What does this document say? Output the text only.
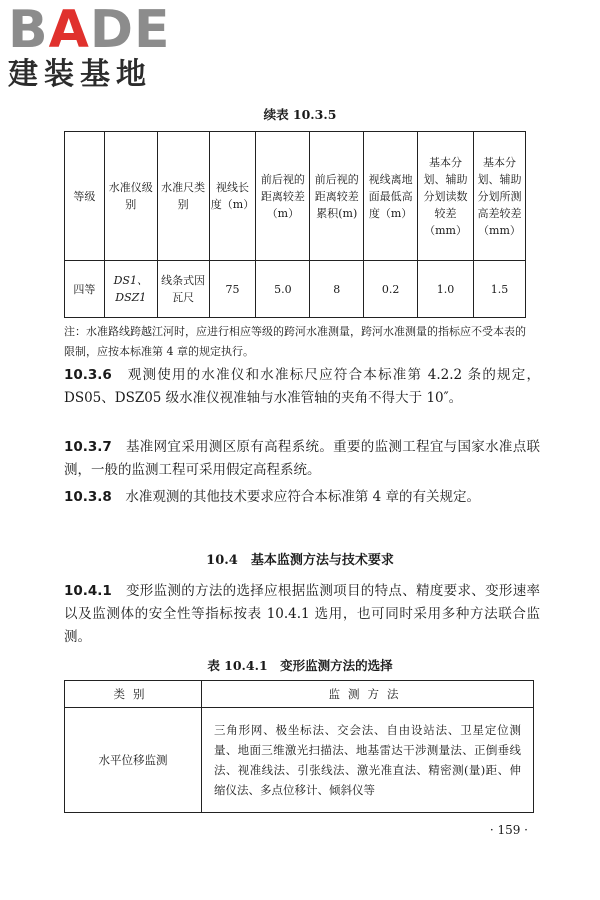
BADE
建装基地
续表 10.3.5
等级	水准仪级别	水准尺类别	视线长度（m）	前后视的距离较差（m）	前后视的距离较差累积(m)	视线离地面最低高度（m）	基本分划、辅助分划读数较差（mm）	基本分划、辅助分划所测高差较差（mm）
四等	DS1、DSZ1	线条式因瓦尺	75	5.0	8	0.2	1.0	1.5
注：水准路线跨越江河时，应进行相应等级的跨河水准测量，跨河水准测量的指标应不受本表的限制，应按本标准第 4 章的规定执行。
10.3.6　 观测使用的水准仪和水准标尺应符合本标准第 4.2.2 条的规定，DS05、DSZ05 级水准仪视准轴与水准管轴的夹角不得大于 10″。
10.3.7　 基准网宜采用测区原有高程系统。重要的监测工程宜与国家水准点联测，一般的监测工程可采用假定高程系统。
10.3.8　 水准观测的其他技术要求应符合本标准第 4 章的有关规定。
10.4　基本监测方法与技术要求
10.4.1　 变形监测的方法的选择应根据监测项目的特点、精度要求、变形速率以及监测体的安全性等指标按表 10.4.1 选用，也可同时采用多种方法联合监测。
表 10.4.1　变形监测方法的选择
类别	监测方法
水平位移监测	三角形网、极坐标法、交会法、自由设站法、卫星定位测量、地面三维激光扫描法、地基雷达干涉测量法、正倒垂线法、视准线法、引张线法、激光准直法、精密测(量)距、伸缩仪法、多点位移计、倾斜仪等
· 159 ·
